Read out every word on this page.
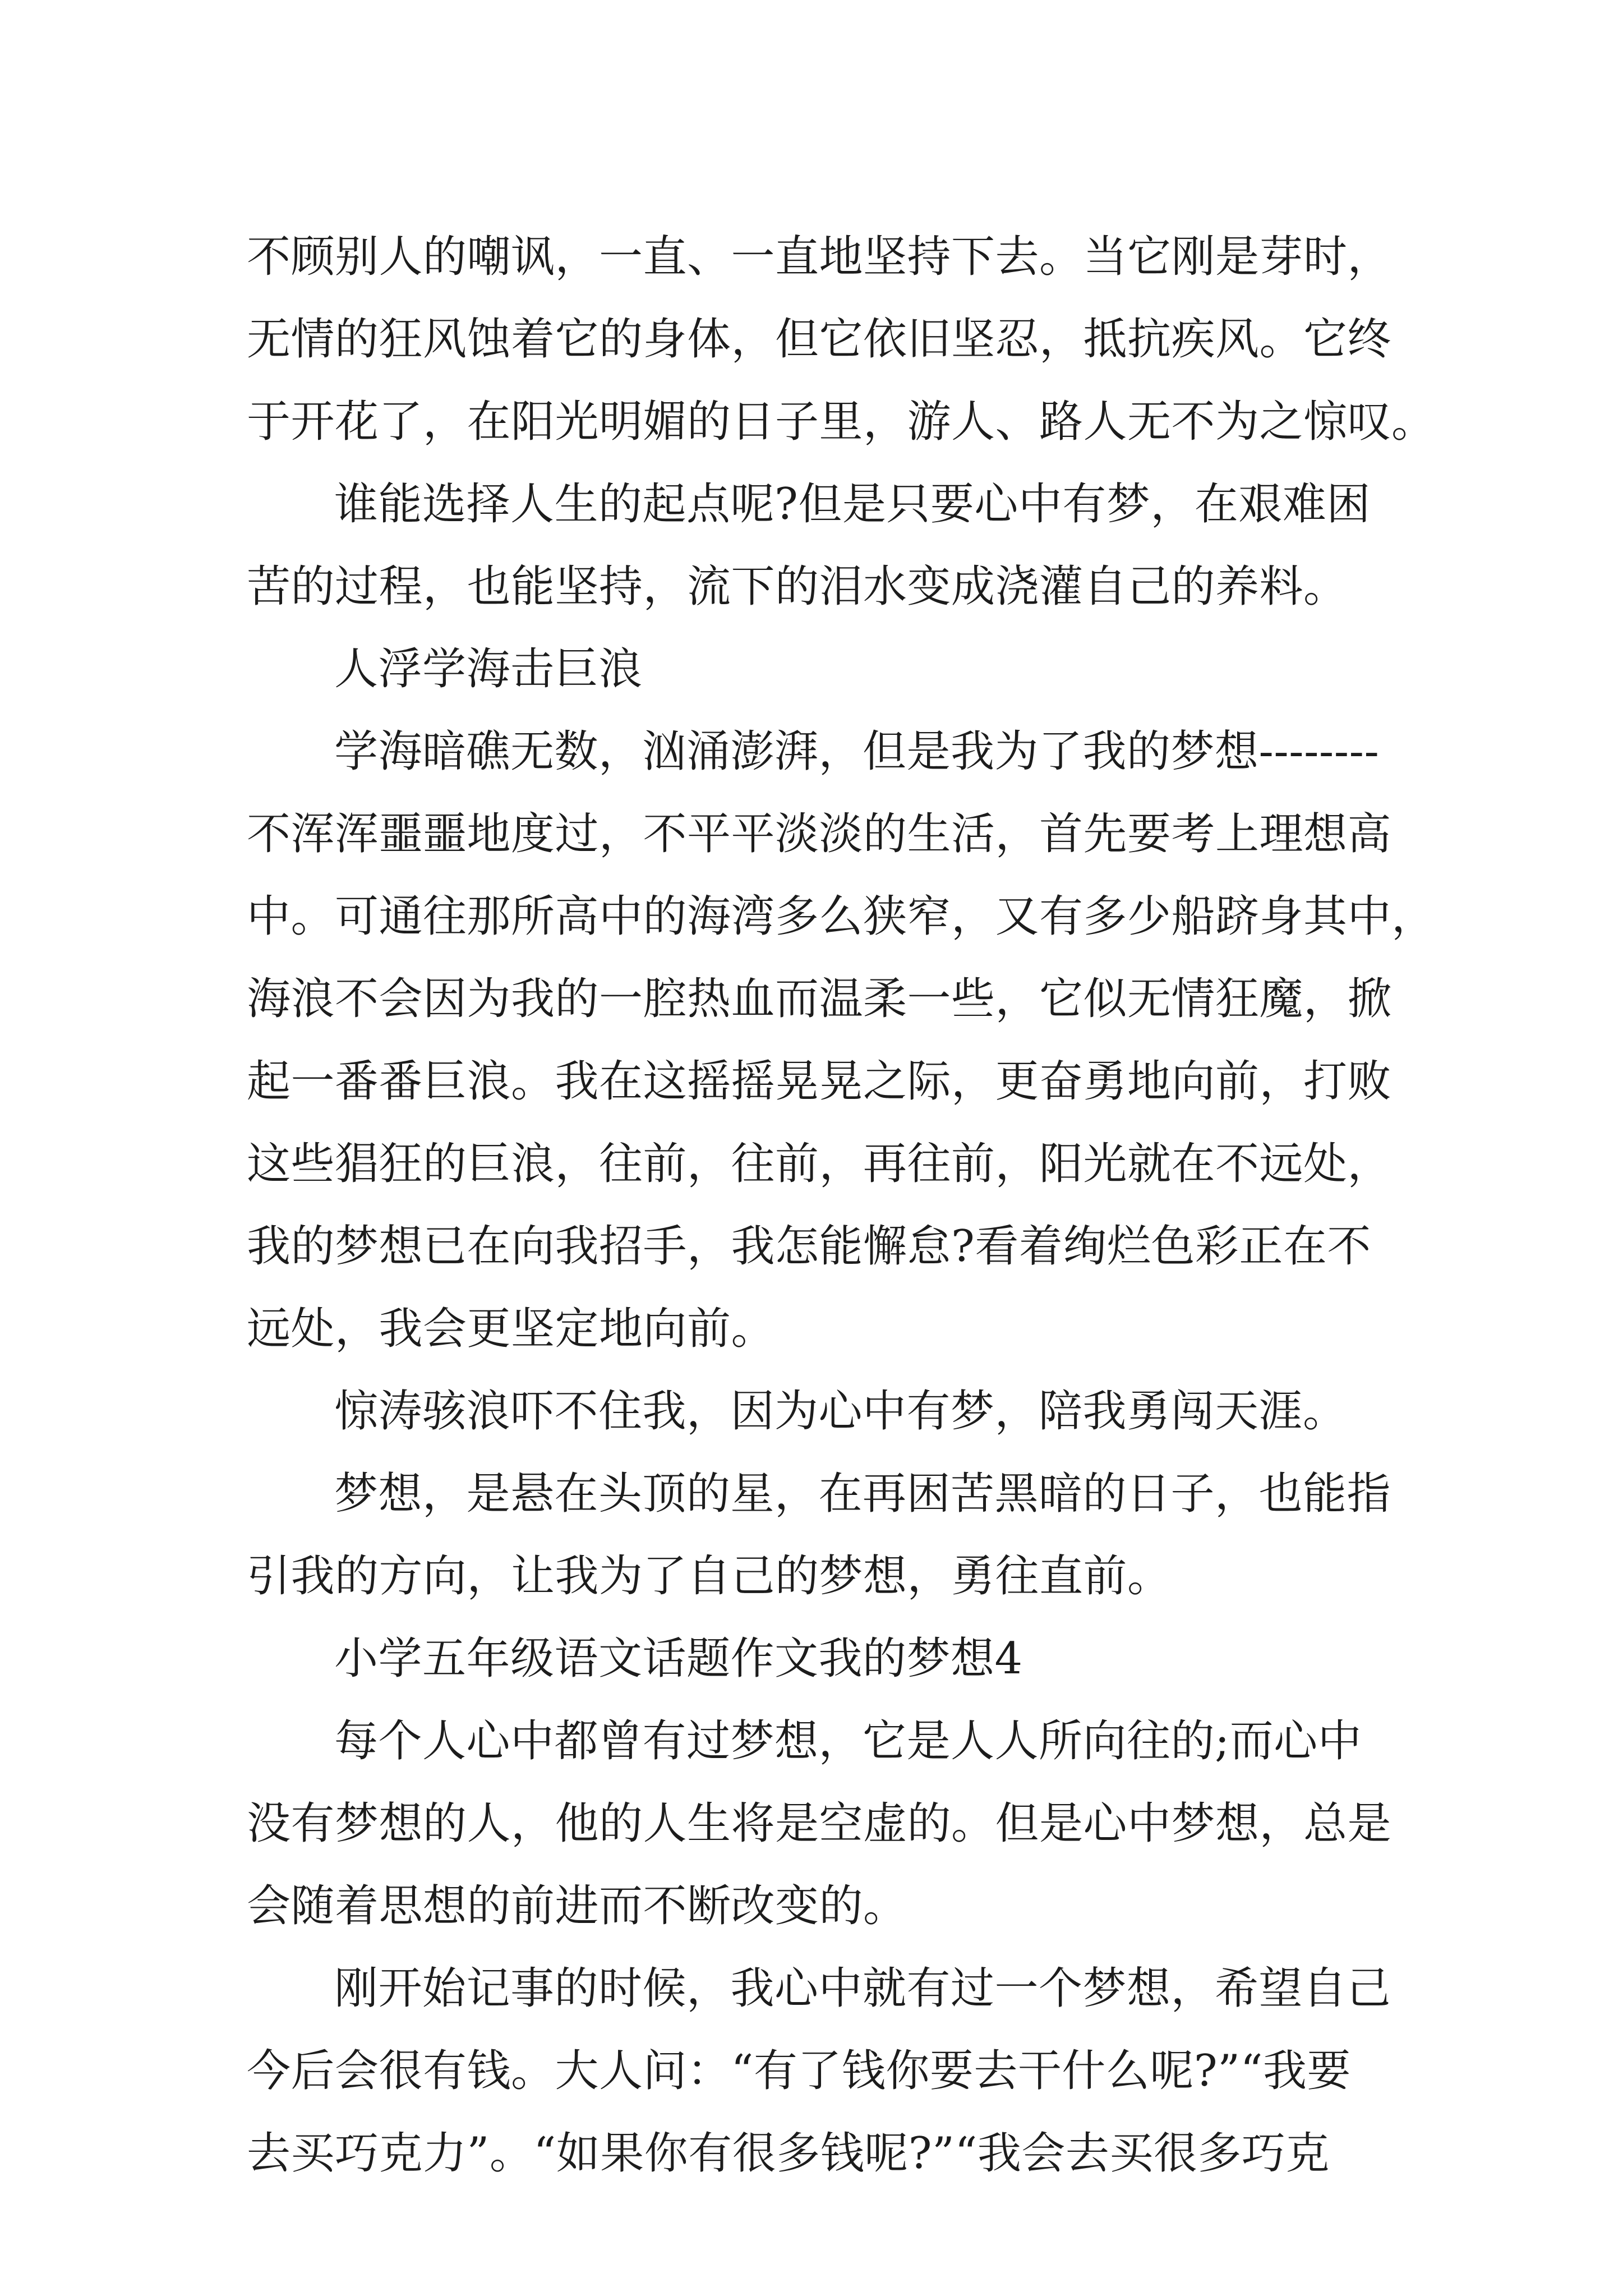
不顾别人的嘲讽，一直、一直地坚持下去。当它刚是芽时，
无情的狂风蚀着它的身体，但它依旧坚忍，抵抗疾风。它终
于开花了，在阳光明媚的日子里，游人、路人无不为之惊叹。
谁能选择人生的起点呢?但是只要心中有梦，在艰难困
苦的过程，也能坚持，流下的泪水变成浇灌自己的养料。
人浮学海击巨浪
学海暗礁无数，汹涌澎湃，但是我为了我的梦想--------
不浑浑噩噩地度过，不平平淡淡的生活，首先要考上理想高
中。可通往那所高中的海湾多么狭窄，又有多少船跻身其中，
海浪不会因为我的一腔热血而温柔一些，它似无情狂魔，掀
起一番番巨浪。我在这摇摇晃晃之际，更奋勇地向前，打败
这些猖狂的巨浪，往前，往前，再往前，阳光就在不远处，
我的梦想已在向我招手，我怎能懈怠?看着绚烂色彩正在不
远处，我会更坚定地向前。
惊涛骇浪吓不住我，因为心中有梦，陪我勇闯天涯。
梦想，是悬在头顶的星，在再困苦黑暗的日子，也能指
引我的方向，让我为了自己的梦想，勇往直前。
小学五年级语文话题作文我的梦想4
每个人心中都曾有过梦想，它是人人所向往的;而心中
没有梦想的人，他的人生将是空虚的。但是心中梦想，总是
会随着思想的前进而不断改变的。
刚开始记事的时候，我心中就有过一个梦想，希望自己
今后会很有钱。大人问：“有了钱你要去干什么呢?”“我要
去买巧克力”。“如果你有很多钱呢?”“我会去买很多巧克
